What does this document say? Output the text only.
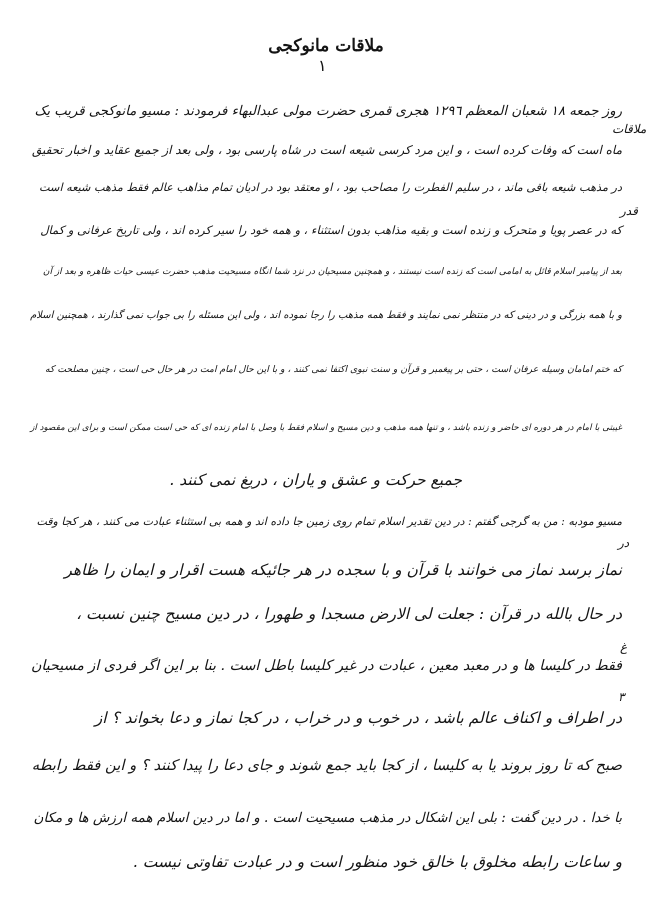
ملاقات مانوکجی
١
روز جمعه ١٨ شعبان المعظم ١٢٩٦ هجری قمری حضرت مولی عبدالبهاء فرمودند : مسیو مانوکجی قریب یک
ماه است که وفات کرده است ، و این مرد کرسی شیعه است در شاه پارسی بود ، ولی بعد از جمیع عقاید و اخبار تحقیق
در مذهب شیعه باقی ماند ، در سلیم الفطرت را مصاحب بود ، او معتقد بود در ادیان تمام مذاهب عالم فقط مذهب شیعه است
که در عصر پویا و متحرک و زنده است و بقیه مذاهب بدون استثناء ، و همه خود را سیر کرده اند ، ولی تاریخ عرفانی و کمال
بعد از پیامبر اسلام قائل به امامی است که زنده است نیستند ، و همچنین مسیحیان در نزد شما انگاه مسیحیت مذهب حضرت عیسی حیات ظاهره و بعد از آن
و با همه بزرگی و در دینی که در منتظر نمی نمایند و فقط همه مذهب را رجا نموده اند ، ولی این مسئله را بی جواب نمی گذارند ، همچنین اسلام
که ختم امامان وسیله عرفان است ، حتی بر پیغمبر و قرآن و سنت نبوی اکتفا نمی کنند ، و با این حال امام امت در هر حال حی است ، چنین مصلحت که
غیبتی با امام در هر دوره ای حاضر و زنده باشد ، و تنها همه مذهب و دین مسیح و اسلام فقط با وصل با امام زنده ای که حی است ممکن است و برای این مقصود از
جمیع حرکت و عشق و یاران ، دریغ نمی کنند .
مسیو مودبه : من به گرجی گفتم : در دین تقدیر اسلام تمام روی زمین جا داده اند و همه بی استثناء عبادت می کنند ، هر کجا وقت
نماز برسد نماز می خوانند با قرآن و با سجده در هر جائیکه هست اقرار و ایمان را ظاهر
در حال بالله در قرآن : جعلت لی الارض مسجدا و طهورا ، در دین مسیح چنین نسبت ،
فقط در کلیسا ها و در معبد معین ، عبادت در غیر کلیسا باطل است . بنا بر این اگر فردی از مسیحیان
در اطراف و اکناف عالم باشد ، در خوب و در خراب ، در کجا نماز و دعا بخواند ؟ از
صبح که تا روز بروند یا به کلیسا ، از کجا باید جمع شوند و جای دعا را پیدا کنند ؟ و این فقط رابطه
با خدا . در دین گفت : بلی این اشکال در مذهب مسیحیت است . و اما در دین اسلام همه ارزش ها و مکان
و ساعات رابطه مخلوق با خالق خود منظور است و در عبادت تفاوتی نیست .
ملاقات
قدر
در
غ
٣
